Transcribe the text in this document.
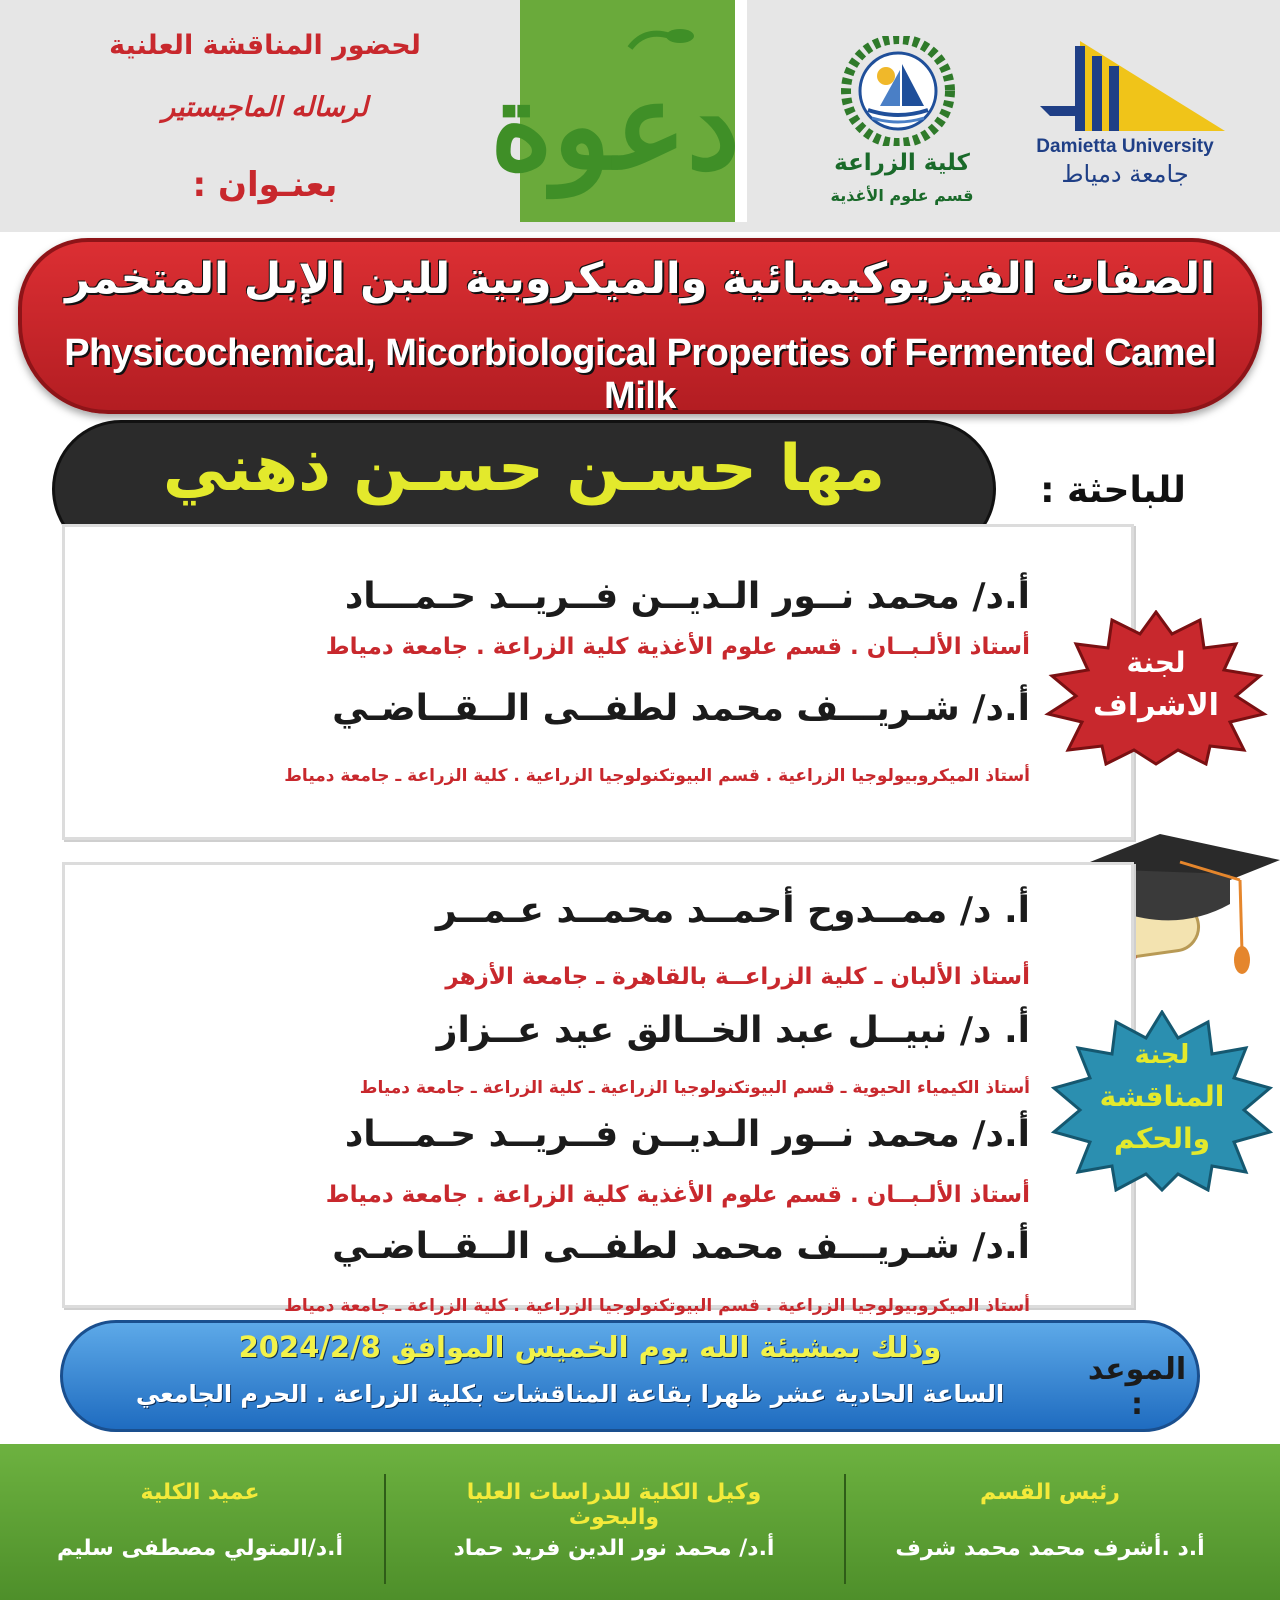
لحضور المناقشة العلنية
لرساله الماجيستير
بعنـوان :	دعوة	كلية الزراعة
قسم علوم الأغذية
Damietta University
جامعة دمياط
الصفات الفيزيوكيميائية والميكروبية للبن الإبل المتخمر
Physicochemical, Micorbiological Properties of Fermented Camel Milk
مها حسـن حسـن ذهني	للباحثة :
أ.د/ محمد نــور الـديــن فــريــد حـمـــاد
أستاذ الألـبــان . قسم علوم الأغذية كلية الزراعة . جامعة دمياط
أ.د/ شـريـــف محمد لطفــى الــقــاضـي
أستاذ الميكروبيولوجيا الزراعية . قسم البيوتكنولوجيا الزراعية . كلية الزراعة ـ جامعة دمياط
لجنة
الاشراف
أ. د/ ممــدوح أحمــد محمــد عـمــر
أستاذ الألبان ـ كلية الزراعــة بالقاهرة ـ جامعة الأزهر
أ. د/ نبيــل عبد الخــالق عيد عــزاز
أستاذ الكيمياء الحيوية ـ قسم البيوتكنولوجيا الزراعية ـ كلية الزراعة ـ جامعة دمياط
أ.د/ محمد نــور الـديــن فــريــد حـمـــاد
أستاذ الألـبــان . قسم علوم الأغذية كلية الزراعة . جامعة دمياط
أ.د/ شـريـــف محمد لطفــى الــقــاضـي
أستاذ الميكروبيولوجيا الزراعية . قسم البيوتكنولوجيا الزراعية . كلية الزراعة ـ جامعة دمياط
لجنة
المناقشة
والحكم
الموعد :
وذلك بمشيئة الله يوم الخميس الموافق 2024/2/8
الساعة الحادية عشر ظهرا بقاعة المناقشات بكلية الزراعة . الحرم الجامعي
رئيس القسم
أ.د .أشرف محمد محمد شرف
وكيل الكلية للدراسات العليا والبحوث
أ.د/ محمد نور الدين فريد حماد
عميد الكلية
أ.د/المتولي مصطفى سليم
